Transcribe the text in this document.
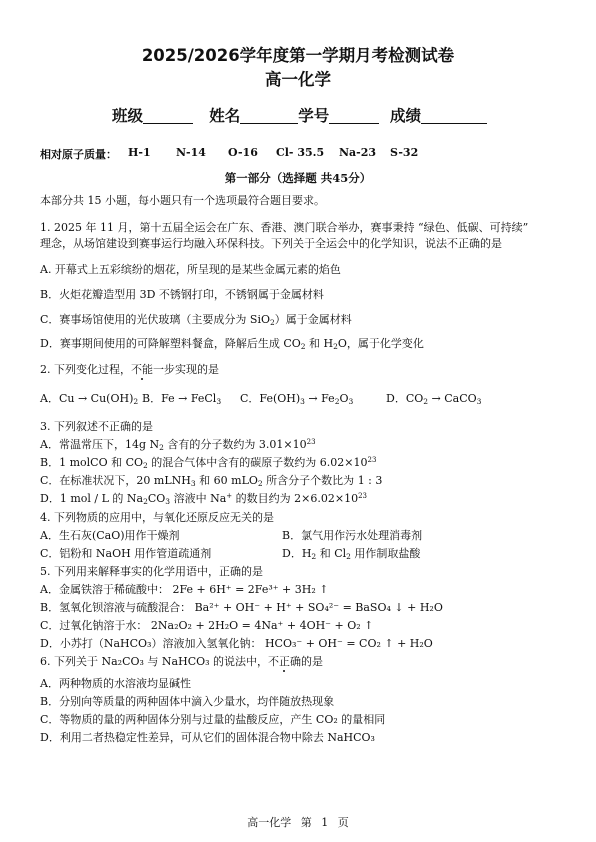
2025/2026学年度第一学期月考检测试卷
高一化学
班级	姓名	学号	成绩
相对原子质量： H-1 N-14 O-16 Cl- 35.5 Na-23 S-32
第一部分（选择题 共45分）
本部分共 15 小题，每小题只有一个选项最符合题目要求。
1. 2025 年 11 月，第十五届全运会在广东、香港、澳门联合举办，赛事秉持 “绿色、低碳、可持续”
理念，从场馆建设到赛事运行均融入环保科技。下列关于全运会中的化学知识，说法不正确的是
A. 开幕式上五彩缤纷的烟花，所呈现的是某些金属元素的焰色
B．火炬花瓣造型用 3D 不锈钢打印，不锈钢属于金属材料
C．赛事场馆使用的光伏玻璃（主要成分为 SiO$_2$）属于金属材料
D．赛事期间使用的可降解塑料餐盒，降解后生成 $CO_2$ 和 $H_2O$，属于化学变化
2. 下列变化过程，不能一步实现的是
A．$Cu \to Cu(OH)_2$ B．Fe → FeCl$_3$ C．$Fe(OH)_3 \to Fe_2O_3$	D．$CO_2$ → CaCO$_3$
3. 下列叙述不正确的是
A．常温常压下，14g $N_2$ 含有的分子数约为 $3.01\times 10^{23}$
B．1 molCO 和 $CO_2$ 的混合气体中含有的碳原子数约为 $6.02\times 10^{23}$
C．在标准状况下，20 mLNH$_3$ 和 60 mLO$_2$ 所含分子个数比为 1 : 3
D．1 mol / L 的 $Na_2CO_3$ 溶液中 Na+ 的数目约为 $2\times 6.02\times 10^{23}$
4. 下列物质的应用中，与氧化还原反应无关的是
A．生石灰(CaO)用作干燥剂	B．氯气用作污水处理消毒剂
C．铝粉和 NaOH 用作管道疏通剂	D．$H_2$ 和 $Cl_2$ 用作制取盐酸
5. 下列用来解释事实的化学用语中，正确的是
A．金属铁溶于稀硫酸中： 2Fe + 6H⁺ = 2Fe³⁺ + 3H₂ ↑
B．氢氧化钡溶液与硫酸混合： Ba²⁺ + OH⁻ + H⁺ + SO₄²⁻ = BaSO₄ ↓ + H₂O
C．过氧化钠溶于水： 2Na₂O₂ + 2H₂O = 4Na⁺ + 4OH⁻ + O₂ ↑
D．小苏打（NaHCO₃）溶液加入氢氧化钠： HCO₃⁻ + OH⁻ = CO₂ ↑ + H₂O
6. 下列关于 Na₂CO₃ 与 NaHCO₃ 的说法中，不正确的是
A．两种物质的水溶液均显碱性
B．分别向等质量的两种固体中滴入少量水，均伴随放热现象
C．等物质的量的两种固体分别与过量的盐酸反应，产生 CO₂ 的量相同
D．利用二者热稳定性差异，可从它们的固体混合物中除去 NaHCO₃
高一化学 第 1 页
